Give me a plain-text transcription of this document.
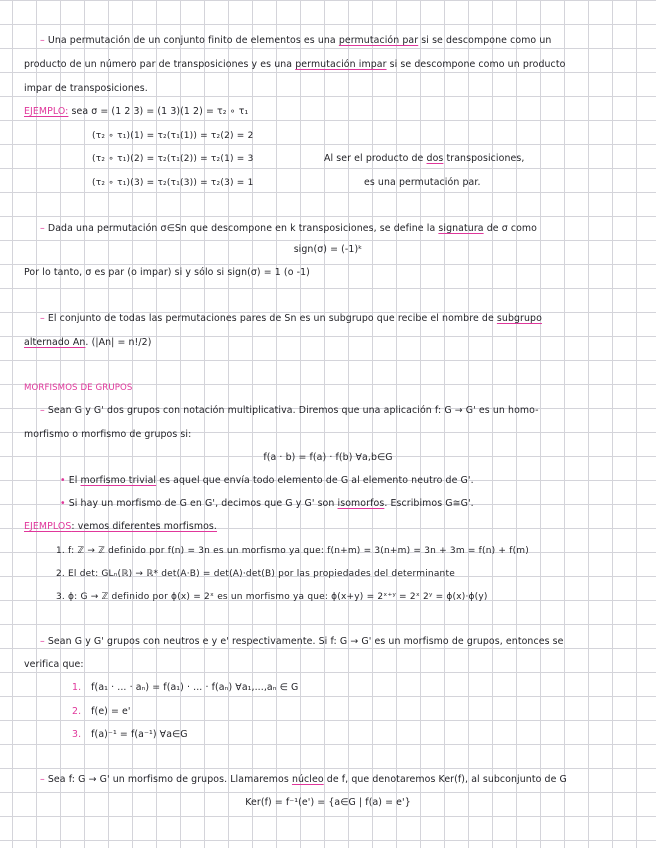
– Una permutación de un conjunto finito de elementos es una permutación par si se descompone como un
producto de un número par de transposiciones y es una permutación impar si se descompone como un producto
impar de transposiciones.
EJEMPLO: sea σ = (1 2 3) = (1 3)(1 2) = τ₂ ∘ τ₁
(τ₂ ∘ τ₁)(1) = τ₂(τ₁(1)) = τ₂(2) = 2
(τ₂ ∘ τ₁)(2) = τ₂(τ₁(2)) = τ₂(1) = 3
(τ₂ ∘ τ₁)(3) = τ₂(τ₁(3)) = τ₂(3) = 1
Al ser el producto de dos transposiciones,
es una permutación par.
– Dada una permutación σ∈Sn que descompone en k transposiciones, se define la signatura de σ como
sign(σ) = (-1)ᵏ
Por lo tanto, σ es par (o impar) si y sólo si sign(σ) = 1 (o -1)
– El conjunto de todas las permutaciones pares de Sn es un subgrupo que recibe el nombre de subgrupo
alternado An. (|An| = n!/2)
MORFISMOS DE GRUPOS
– Sean G y G' dos grupos con notación multiplicativa. Diremos que una aplicación f: G → G' es un homo-
morfismo o morfismo de grupos si:
f(a · b) = f(a) · f(b) ∀a,b∈G
• El morfismo trivial es aquel que envía todo elemento de G al elemento neutro de G'.
• Si hay un morfismo de G en G', decimos que G y G' son isomorfos. Escribimos G≅G'.
EJEMPLOS: vemos diferentes morfismos.
1. f: ℤ → ℤ definido por f(n) = 3n es un morfismo ya que: f(n+m) = 3(n+m) = 3n + 3m = f(n) + f(m)
2. El det: GLₙ(ℝ) → ℝ* det(A·B) = det(A)·det(B) por las propiedades del determinante
3. ϕ: G → ℤ definido por ϕ(x) = 2ˣ es un morfismo ya que: ϕ(x+y) = 2ˣ⁺ʸ = 2ˣ 2ʸ = ϕ(x)·ϕ(y)
– Sean G y G' grupos con neutros e y e' respectivamente. Si f: G → G' es un morfismo de grupos, entonces se
verifica que:
1. f(a₁ · ... · aₙ) = f(a₁) · ... · f(aₙ) ∀a₁,...,aₙ ∈ G
2. f(e) = e'
3. f(a)⁻¹ = f(a⁻¹) ∀a∈G
– Sea f: G → G' un morfismo de grupos. Llamaremos núcleo de f, que denotaremos Ker(f), al subconjunto de G
Ker(f) = f⁻¹(e') = {a∈G | f(a) = e'}
